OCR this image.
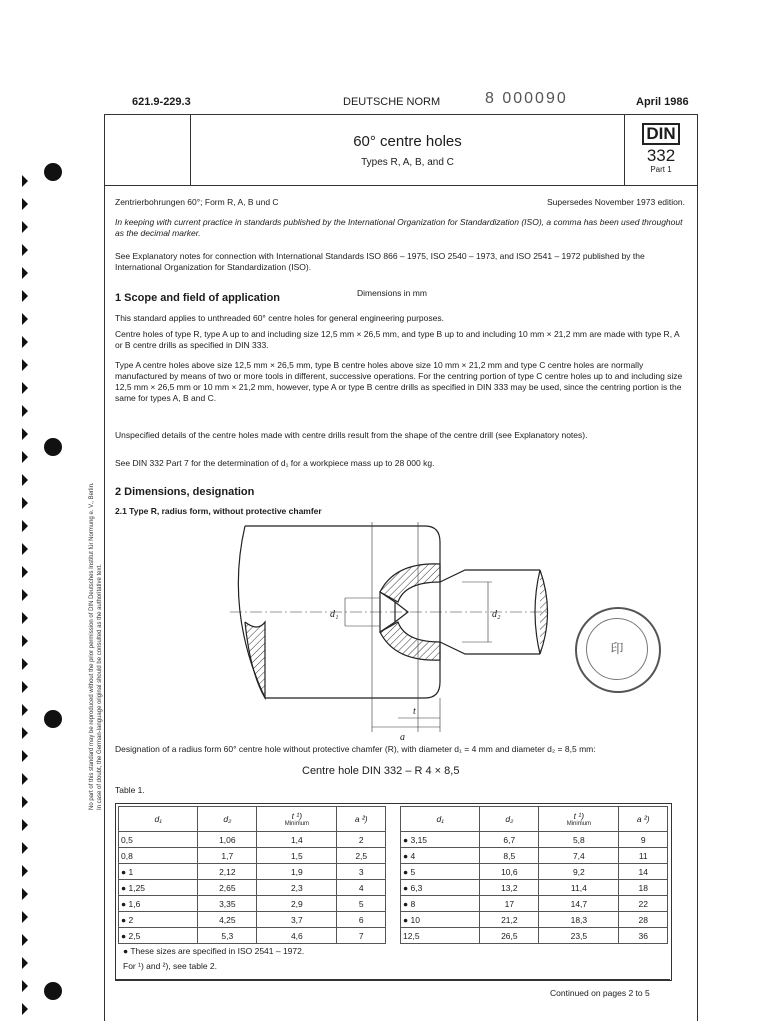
No part of this standard may be reproduced without the prior permission of DIN Deutsches Institut für Normung e. V., Berlin. In case of doubt, the German-language original should be consulted as the authoritative text.
621.9-229.3	DEUTSCHE NORM	8 000090	April 1986
60° centre holes
Types R, A, B, and C
DIN
332
Part 1
Zentrierbohrungen 60°; Form R, A, B und C	Supersedes November 1973 edition.
In keeping with current practice in standards published by the International Organization for Standardization (ISO), a comma has been used throughout as the decimal marker.
See Explanatory notes for connection with International Standards ISO 866 – 1975, ISO 2540 – 1973, and ISO 2541 – 1972 published by the International Organization for Standardization (ISO).
1 Scope and field of application	Dimensions in mm
This standard applies to unthreaded 60° centre holes for general engineering purposes.
Centre holes of type R, type A up to and including size 12,5 mm × 26,5 mm, and type B up to and including 10 mm × 21,2 mm are made with type R, A or B centre drills as specified in DIN 333.
Type A centre holes above size 12,5 mm × 26,5 mm, type B centre holes above size 10 mm × 21,2 mm and type C centre holes are normally manufactured by means of two or more tools in different, successive operations. For the centring portion of type C centre holes up to and including size 12,5 mm × 26,5 mm or 10 mm × 21,2 mm, however, type A or type B centre drills as specified in DIN 333 may be used, since the centring portion is the same for types A, B and C.
Unspecified details of the centre holes made with centre drills result from the shape of the centre drill (see Explanatory notes).
See DIN 332 Part 7 for the determination of d₁ for a workpiece mass up to 28 000 kg.
2 Dimensions, designation
2.1 Type R, radius form, without protective chamfer
d₁	d₂
t
a
印
Designation of a radius form 60° centre hole without protective chamfer (R), with diameter d₁ = 4 mm and diameter d₂ = 8,5 mm:
Centre hole DIN 332 – R 4 × 8,5
Table 1.
d₁	d₂	t ¹)
Minimum	a ²)
0,5	1,06	1,4	2
0,8	1,7	1,5	2,5
● 1	2,12	1,9	3
● 1,25	2,65	2,3	4
● 1,6	3,35	2,9	5
● 2	4,25	3,7	6
● 2,5	5,3	4,6	7
d₁	d₂	t ¹)
Minimum	a ²)
● 3,15	6,7	5,8	9
● 4	8,5	7,4	11
● 5	10,6	9,2	14
● 6,3	13,2	11,4	18
● 8	17	14,7	22
● 10	21,2	18,3	28
12,5	26,5	23,5	36
● These sizes are specified in ISO 2541 – 1972.
For ¹) and ²), see table 2.
Continued on pages 2 to 5
